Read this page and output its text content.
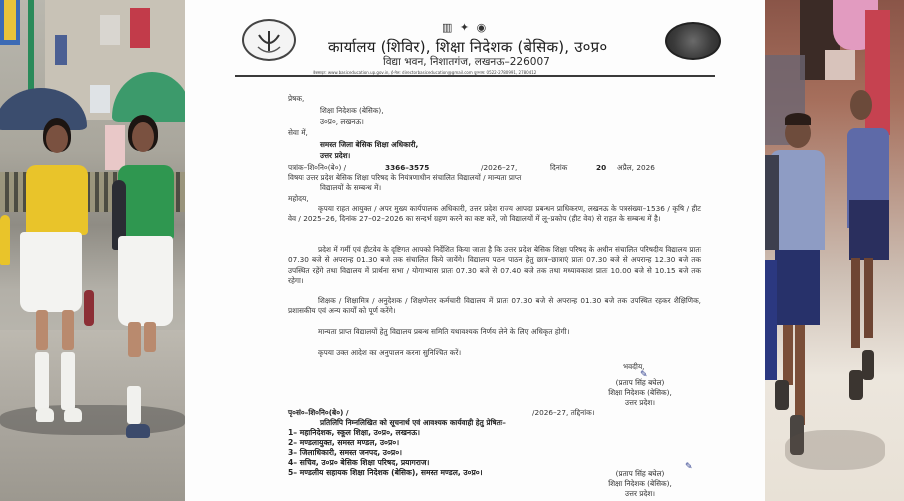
▥ ✦ ◉
कार्यालय (शिविर), शिक्षा निदेशक (बेसिक), उ०प्र०
विद्या भवन, निशातगंज, लखनऊ–226007
वेबसाइट: www.basiceducation.up.gov.in, ई-मेल: directorbasiceducation@gmail.com दूरभाष: 0522-2780991, 2780412
प्रेषक,
शिक्षा निदेशक (बेसिक),
उ०प्र०, लखनऊ।
सेवा में,
समस्त जिला बेसिक शिक्षा अधिकारी,
उत्तर प्रदेश।
पत्रांक–शि०नि०(बे०) /	3366–3575	/2026–27,	दिनांक	20 अप्रैल, 2026
विषयः उत्तर प्रदेश बेसिक शिक्षा परिषद के नियंत्रणाधीन संचालित विद्यालयों / मान्यता प्राप्त
विद्यालयों के सम्बन्ध में।
महोदय,
कृपया राहत आयुक्त / अपर मुख्य कार्यपालक अधिकारी, उत्तर प्रदेश राज्य आपदा प्रबन्धन प्राधिकरण, लखनऊ के पत्रसंख्या–1536 / कृषि / हीट वेव / 2025–26, दिनांक 27–02–2026 का सन्दर्भ ग्रहण करने का कष्ट करें, जो विद्यालयों में लू–प्रकोप (हीट वेव) से राहत के सम्बन्ध में है।
प्रदेश में गर्मी एवं हीटवेव के दृष्टिगत आपको निर्देशित किया जाता है कि उत्तर प्रदेश बेसिक शिक्षा परिषद के अधीन संचालित परिषदीय विद्यालय प्रातः 07.30 बजे से अपरान्ह 01.30 बजे तक संचालित किये जायेंगे। विद्यालय पठन पाठन हेतु छात्र–छात्राएं प्रातः 07.30 बजे से अपरान्ह 12.30 बजे तक उपस्थित रहेंगे तथा विद्यालय में प्रार्थना सभा / योगाभ्यास प्रातः 07.30 बजे से 07.40 बजे तक तथा मध्यावकाश प्रातः 10.00 बजे से 10.15 बजे तक रहेगा।
शिक्षक / शिक्षामित्र / अनुदेशक / शिक्षणेत्तर कर्मचारी विद्यालय में प्रातः 07.30 बजे से अपरान्ह 01.30 बजे तक उपस्थित रहकर शैक्षिणिक, प्रशासकीय एवं अन्य कार्यों को पूर्ण करेंगे।
मान्यता प्राप्त विद्यालयों हेतु विद्यालय प्रबन्ध समिति यथावश्यक निर्णय लेने के लिए अधिकृत होगी।
कृपया उक्त आदेश का अनुपालन करना सुनिश्चित करें।
भवदीय,
(प्रताप सिंह बघेल)
✎
शिक्षा निदेशक (बेसिक),
उत्तर प्रदेश।
पृ०सं०–शि०नि०(बे०) /	/2026–27, तद्दिनांक।
प्रतिलिपि निम्नलिखित को सूचनार्थ एवं आवश्यक कार्यवाही हेतु प्रेषितः–
1– महानिदेशक, स्कूल शिक्षा, उ०प्र०, लखनऊ।
2– मण्डलायुक्त, समस्त मण्डल, उ०प्र०।
3– जिलाधिकारी, समस्त जनपद, उ०प्र०।
4– सचिव, उ०प्र० बेसिक शिक्षा परिषद, प्रयागराज।
5– मण्डलीय सहायक शिक्षा निदेशक (बेसिक), समस्त मण्डल, उ०प्र०।	(प्रताप सिंह बघेल)
✎
शिक्षा निदेशक (बेसिक),
उत्तर प्रदेश।
